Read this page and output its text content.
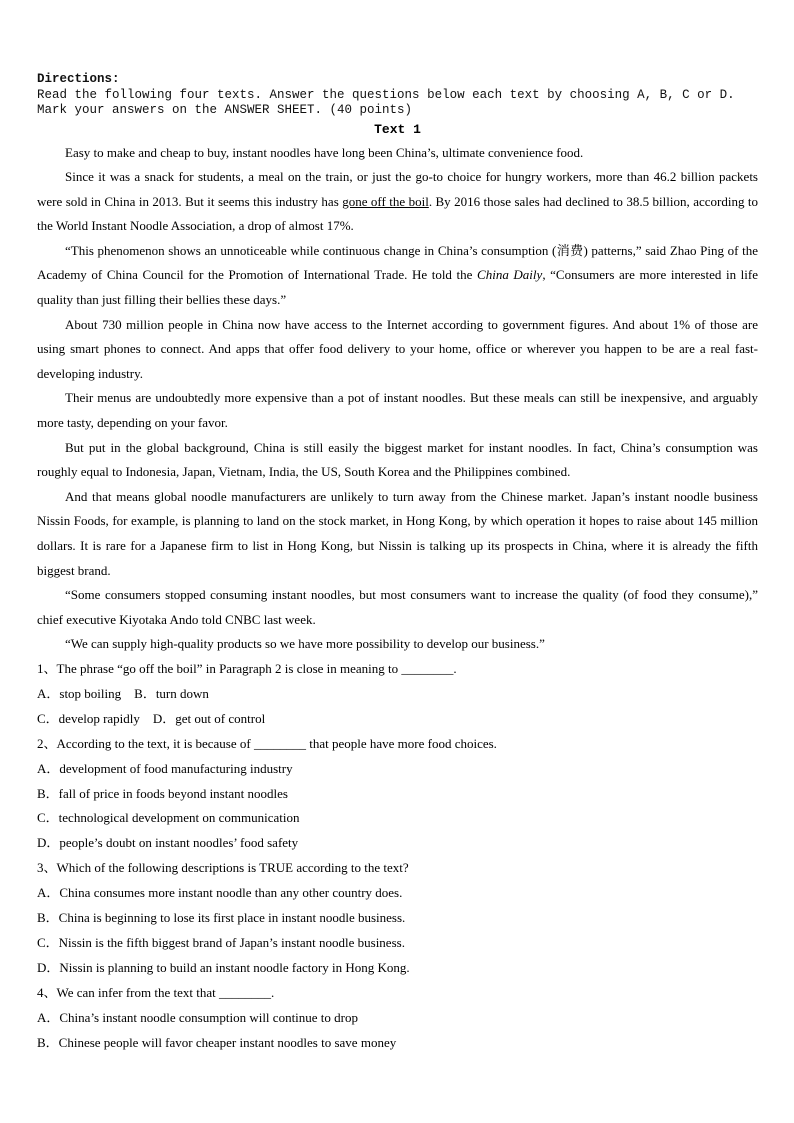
Directions:
Read the following four texts. Answer the questions below each text by choosing A, B, C or D. Mark your answers on the ANSWER SHEET. (40 points)
Text 1

Easy to make and cheap to buy, instant noodles have long been China’s, ultimate convenience food.

Since it was a snack for students, a meal on the train, or just the go-to choice for hungry workers, more than 46.2 billion packets were sold in China in 2013. But it seems this industry has gone off the boil. By 2016 those sales had declined to 38.5 billion, according to the World Instant Noodle Association, a drop of almost 17%.

“This phenomenon shows an unnoticeable while continuous change in China’s consumption (消费) patterns,” said Zhao Ping of the Academy of China Council for the Promotion of International Trade. He told the China Daily, “Consumers are more interested in life quality than just filling their bellies these days.”

About 730 million people in China now have access to the Internet according to government figures. And about 1% of those are using smart phones to connect. And apps that offer food delivery to your home, office or wherever you happen to be are a real fast-developing industry.

Their menus are undoubtedly more expensive than a pot of instant noodles. But these meals can still be inexpensive, and arguably more tasty, depending on your favor.

But put in the global background, China is still easily the biggest market for instant noodles. In fact, China’s consumption was roughly equal to Indonesia, Japan, Vietnam, India, the US, South Korea and the Philippines combined.

And that means global noodle manufacturers are unlikely to turn away from the Chinese market. Japan’s instant noodle business Nissin Foods, for example, is planning to land on the stock market, in Hong Kong, by which operation it hopes to raise about 145 million dollars. It is rare for a Japanese firm to list in Hong Kong, but Nissin is talking up its prospects in China, where it is already the fifth biggest brand.

“Some consumers stopped consuming instant noodles, but most consumers want to increase the quality (of food they consume),” chief executive Kiyotaka Ando told CNBC last week.

“We can supply high-quality products so we have more possibility to develop our business.”

1、The phrase “go off the boil” in Paragraph 2 is close in meaning to ________.

A．stop boiling    B．turn down

C．develop rapidly    D．get out of control

2、According to the text, it is because of ________ that people have more food choices.

A．development of food manufacturing industry

B．fall of price in foods beyond instant noodles

C．technological development on communication

D．people’s doubt on instant noodles’ food safety

3、Which of the following descriptions is TRUE according to the text?

A．China consumes more instant noodle than any other country does.

B．China is beginning to lose its first place in instant noodle business.

C．Nissin is the fifth biggest brand of Japan’s instant noodle business.

D．Nissin is planning to build an instant noodle factory in Hong Kong.

4、We can infer from the text that ________.

A．China’s instant noodle consumption will continue to drop

B．Chinese people will favor cheaper instant noodles to save money
